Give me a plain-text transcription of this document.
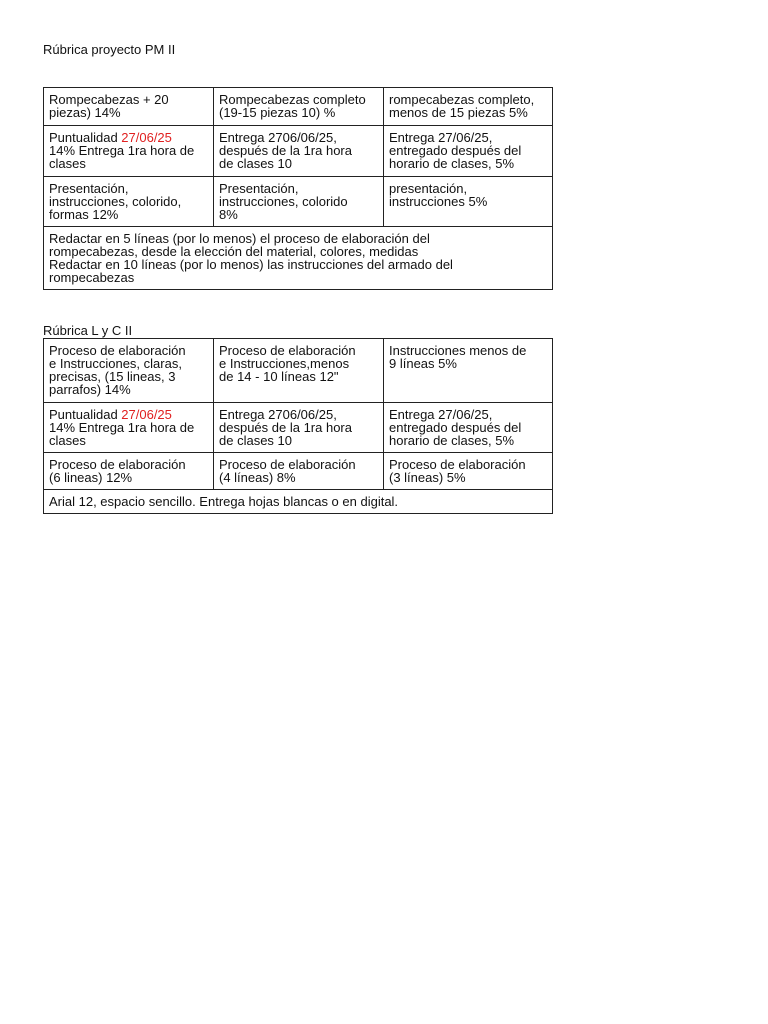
Rúbrica proyecto PM II
Rompecabezas + 20
piezas) 14%	Rompecabezas completo
(19-15 piezas 10) %	rompecabezas completo,
menos de 15 piezas 5%

Puntualidad 27/06/25
14% Entrega 1ra hora de
clases	Entrega 2706/06/25,
después de la 1ra hora
de clases 10	Entrega 27/06/25,
entregado después del
horario de clases, 5%

Presentación,
instrucciones, colorido,
formas 12%	Presentación,
instrucciones, colorido
8%	presentación,
instrucciones 5%

Redactar en 5 líneas (por lo menos) el proceso de elaboración del
rompecabezas, desde la elección del material, colores, medidas
Redactar en 10 líneas (por lo menos) las instrucciones del armado del
rompecabezas		
Rúbrica L y C II
Proceso de elaboración
e Instrucciones, claras,
precisas, (15 lineas, 3
parrafos) 14%	Proceso de elaboración
e Instrucciones,menos
de 14 - 10 líneas 12"	Instrucciones menos de
9 líneas 5%

Puntualidad 27/06/25
14% Entrega 1ra hora de
clases	Entrega 2706/06/25,
después de la 1ra hora
de clases 10	Entrega 27/06/25,
entregado después del
horario de clases, 5%

Proceso de elaboración
(6 lineas) 12%	Proceso de elaboración
(4 líneas) 8%	Proceso de elaboración
(3 líneas) 5%

Arial 12, espacio sencillo. Entrega hojas blancas o en digital.		
